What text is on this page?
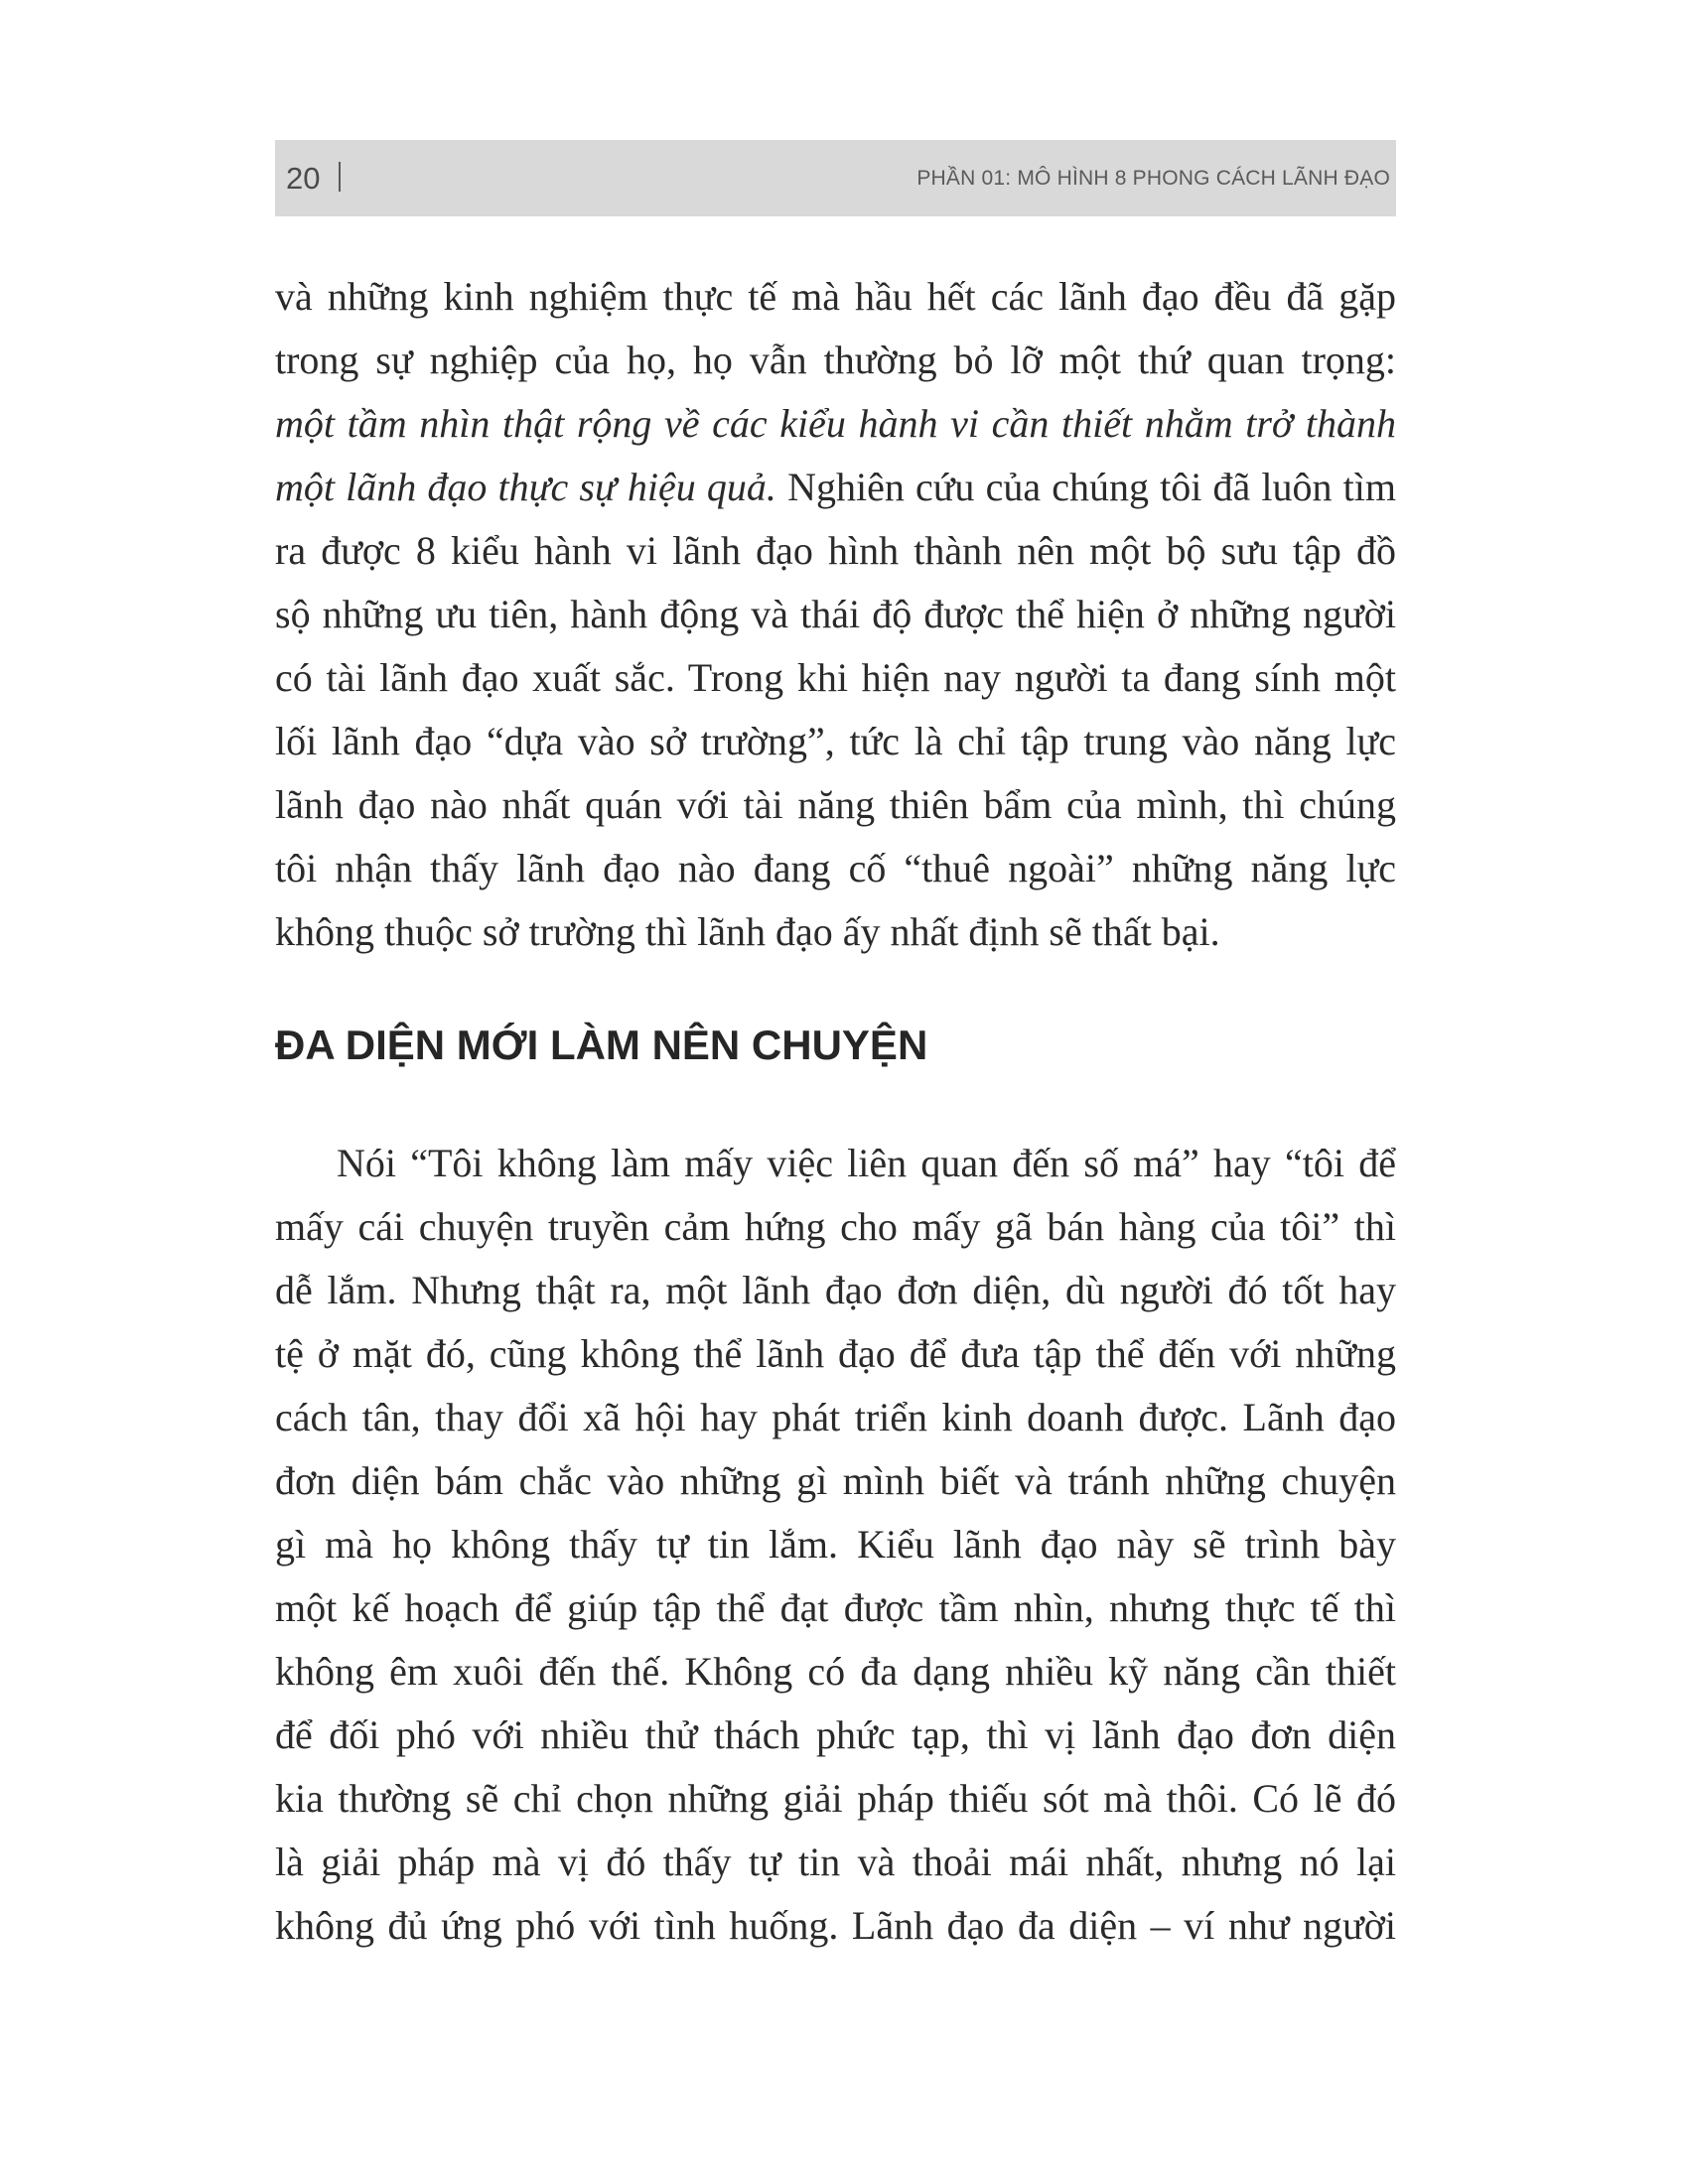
20	PHẦN 01: MÔ HÌNH 8 PHONG CÁCH LÃNH ĐẠO
và những kinh nghiệm thực tế mà hầu hết các lãnh đạo đều đã gặp
trong sự nghiệp của họ, họ vẫn thường bỏ lỡ một thứ quan trọng:
một tầm nhìn thật rộng về các kiểu hành vi cần thiết nhằm trở thành
một lãnh đạo thực sự hiệu quả. Nghiên cứu của chúng tôi đã luôn tìm
ra được 8 kiểu hành vi lãnh đạo hình thành nên một bộ sưu tập đồ
sộ những ưu tiên, hành động và thái độ được thể hiện ở những người
có tài lãnh đạo xuất sắc. Trong khi hiện nay người ta đang sính một
lối lãnh đạo “dựa vào sở trường”, tức là chỉ tập trung vào năng lực
lãnh đạo nào nhất quán với tài năng thiên bẩm của mình, thì chúng
tôi nhận thấy lãnh đạo nào đang cố “thuê ngoài” những năng lực
không thuộc sở trường thì lãnh đạo ấy nhất định sẽ thất bại.
ĐA DIỆN MỚI LÀM NÊN CHUYỆN
Nói “Tôi không làm mấy việc liên quan đến số má” hay “tôi để
mấy cái chuyện truyền cảm hứng cho mấy gã bán hàng của tôi” thì
dễ lắm. Nhưng thật ra, một lãnh đạo đơn diện, dù người đó tốt hay
tệ ở mặt đó, cũng không thể lãnh đạo để đưa tập thể đến với những
cách tân, thay đổi xã hội hay phát triển kinh doanh được. Lãnh đạo
đơn diện bám chắc vào những gì mình biết và tránh những chuyện
gì mà họ không thấy tự tin lắm. Kiểu lãnh đạo này sẽ trình bày
một kế hoạch để giúp tập thể đạt được tầm nhìn, nhưng thực tế thì
không êm xuôi đến thế. Không có đa dạng nhiều kỹ năng cần thiết
để đối phó với nhiều thử thách phức tạp, thì vị lãnh đạo đơn diện
kia thường sẽ chỉ chọn những giải pháp thiếu sót mà thôi. Có lẽ đó
là giải pháp mà vị đó thấy tự tin và thoải mái nhất, nhưng nó lại
không đủ ứng phó với tình huống. Lãnh đạo đa diện – ví như người
